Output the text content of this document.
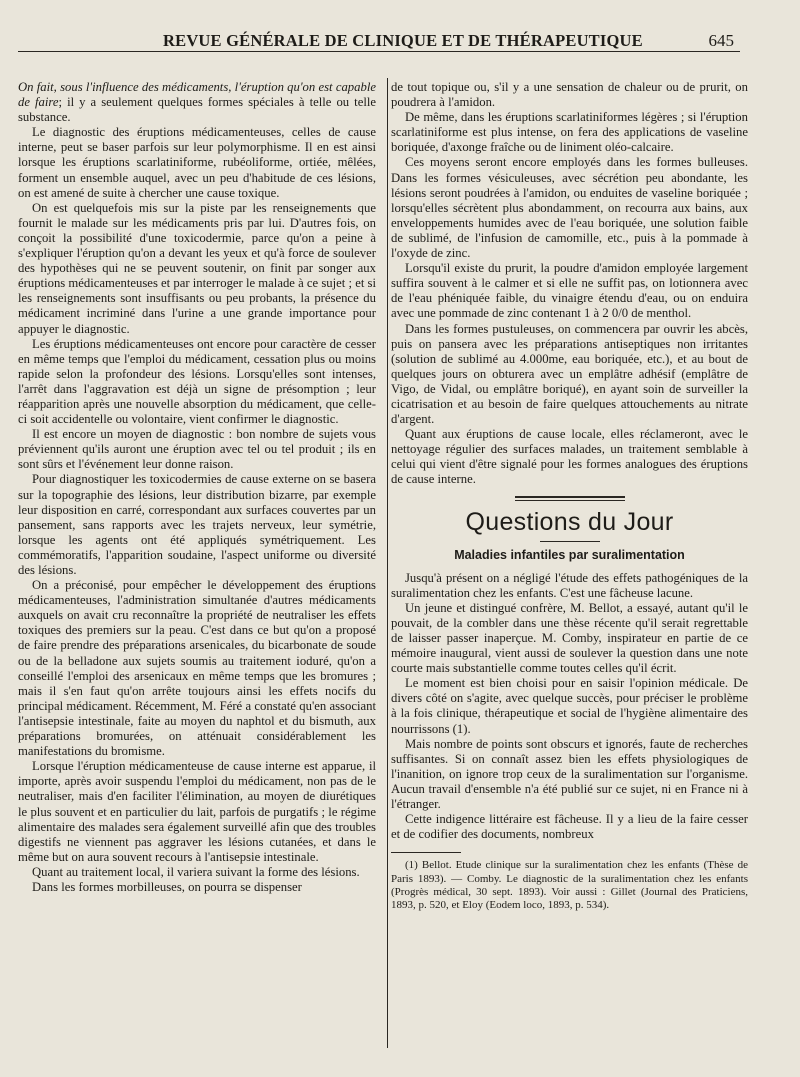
REVUE GÉNÉRALE DE CLINIQUE ET DE THÉRAPEUTIQUE	645

On fait, sous l'influence des médicaments, l'éruption qu'on est capable de faire; il y a seulement quelques formes spéciales à telle ou telle substance.

Le diagnostic des éruptions médicamenteuses, celles de cause interne, peut se baser parfois sur leur polymorphisme. Il en est ainsi lorsque les éruptions scarlatiniforme, rubéoliforme, ortiée, mêlées, forment un ensemble auquel, avec un peu d'habitude de ces lésions, on est amené de suite à chercher une cause toxique.

On est quelquefois mis sur la piste par les renseignements que fournit le malade sur les médicaments pris par lui. D'autres fois, on conçoit la possibilité d'une toxicodermie, parce qu'on a peine à s'expliquer l'éruption qu'on a devant les yeux et qu'à force de soulever des hypothèses qui ne se peuvent soutenir, on finit par songer aux éruptions médicamenteuses et par interroger le malade à ce sujet ; et si les renseignements sont insuffisants ou peu probants, la présence du médicament incriminé dans l'urine a une grande importance pour appuyer le diagnostic.

Les éruptions médicamenteuses ont encore pour caractère de cesser en même temps que l'emploi du médicament, cessation plus ou moins rapide selon la profondeur des lésions. Lorsqu'elles sont intenses, l'arrêt dans l'aggravation est déjà un signe de présomption ; leur réapparition après une nouvelle absorption du médicament, que celle-ci soit accidentelle ou volontaire, vient confirmer le diagnostic.

Il est encore un moyen de diagnostic : bon nombre de sujets vous préviennent qu'ils auront une éruption avec tel ou tel produit ; ils en sont sûrs et l'événement leur donne raison.

Pour diagnostiquer les toxicodermies de cause externe on se basera sur la topographie des lésions, leur distribution bizarre, par exemple leur disposition en carré, correspondant aux surfaces couvertes par un pansement, sans rapports avec les trajets nerveux, leur symétrie, lorsque les agents ont été appliqués symétriquement. Les commémoratifs, l'apparition soudaine, l'aspect uniforme ou diversité des lésions.

On a préconisé, pour empêcher le développement des éruptions médicamenteuses, l'administration simultanée d'autres médicaments auxquels on avait cru reconnaître la propriété de neutraliser les effets toxiques des premiers sur la peau. C'est dans ce but qu'on a proposé de faire prendre des préparations arsenicales, du bicarbonate de soude ou de la belladone aux sujets soumis au traitement ioduré, qu'on a conseillé l'emploi des arsenicaux en même temps que les bromures ; mais il s'en faut qu'on arrête toujours ainsi les effets nocifs du principal médicament. Récemment, M. Féré a constaté qu'en associant l'antisepsie intestinale, faite au moyen du naphtol et du bismuth, aux préparations bromurées, on atténuait considérablement les manifestations du bromisme.

Lorsque l'éruption médicamenteuse de cause interne est apparue, il importe, après avoir suspendu l'emploi du médicament, non pas de le neutraliser, mais d'en faciliter l'élimination, au moyen de diurétiques le plus souvent et en particulier du lait, parfois de purgatifs ; le régime alimentaire des malades sera également surveillé afin que des troubles digestifs ne viennent pas aggraver les lésions cutanées, et dans le même but on aura souvent recours à l'antisepsie intestinale.

Quant au traitement local, il variera suivant la forme des lésions.

Dans les formes morbilleuses, on pourra se dispenser

de tout topique ou, s'il y a une sensation de chaleur ou de prurit, on poudrera à l'amidon.

De même, dans les éruptions scarlatiniformes légères ; si l'éruption scarlatiniforme est plus intense, on fera des applications de vaseline boriquée, d'axonge fraîche ou de liniment oléo-calcaire.

Ces moyens seront encore employés dans les formes bulleuses. Dans les formes vésiculeuses, avec sécrétion peu abondante, les lésions seront poudrées à l'amidon, ou enduites de vaseline boriquée ; lorsqu'elles sécrètent plus abondamment, on recourra aux bains, aux enveloppements humides avec de l'eau boriquée, une solution faible de sublimé, de l'infusion de camomille, etc., puis à la pommade à l'oxyde de zinc.

Lorsqu'il existe du prurit, la poudre d'amidon employée largement suffira souvent à le calmer et si elle ne suffit pas, on lotionnera avec de l'eau phéniquée faible, du vinaigre étendu d'eau, ou on enduira avec une pommade de zinc contenant 1 à 2 0/0 de menthol.

Dans les formes pustuleuses, on commencera par ouvrir les abcès, puis on pansera avec les préparations antiseptiques non irritantes (solution de sublimé au 4.000me, eau boriquée, etc.), et au bout de quelques jours on obturera avec un emplâtre adhésif (emplâtre de Vigo, de Vidal, ou emplâtre boriqué), en ayant soin de surveiller la cicatrisation et au besoin de faire quelques attouchements au nitrate d'argent.

Quant aux éruptions de cause locale, elles réclameront, avec le nettoyage régulier des surfaces malades, un traitement semblable à celui qui vient d'être signalé pour les formes analogues des éruptions de cause interne.

Questions du Jour
Maladies infantiles par suralimentation

Jusqu'à présent on a négligé l'étude des effets pathogéniques de la suralimentation chez les enfants. C'est une fâcheuse lacune.

Un jeune et distingué confrère, M. Bellot, a essayé, autant qu'il le pouvait, de la combler dans une thèse récente qu'il serait regrettable de laisser passer inaperçue. M. Comby, inspirateur en partie de ce mémoire inaugural, vient aussi de soulever la question dans une note courte mais substantielle comme toutes celles qu'il écrit.

Le moment est bien choisi pour en saisir l'opinion médicale. De divers côté on s'agite, avec quelque succès, pour préciser le problème à la fois clinique, thérapeutique et social de l'hygiène alimentaire des nourrissons (1).

Mais nombre de points sont obscurs et ignorés, faute de recherches suffisantes. Si on connaît assez bien les effets physiologiques de l'inanition, on ignore trop ceux de la suralimentation sur l'organisme. Aucun travail d'ensemble n'a été publié sur ce sujet, ni en France ni à l'étranger.

Cette indigence littéraire est fâcheuse. Il y a lieu de la faire cesser et de codifier des documents, nombreux

(1) Bellot. Etude clinique sur la suralimentation chez les enfants (Thèse de Paris 1893). — Comby. Le diagnostic de la suralimentation chez les enfants (Progrès médical, 30 sept. 1893). Voir aussi : Gillet (Journal des Praticiens, 1893, p. 520, et Eloy (Eodem loco, 1893, p. 534).
